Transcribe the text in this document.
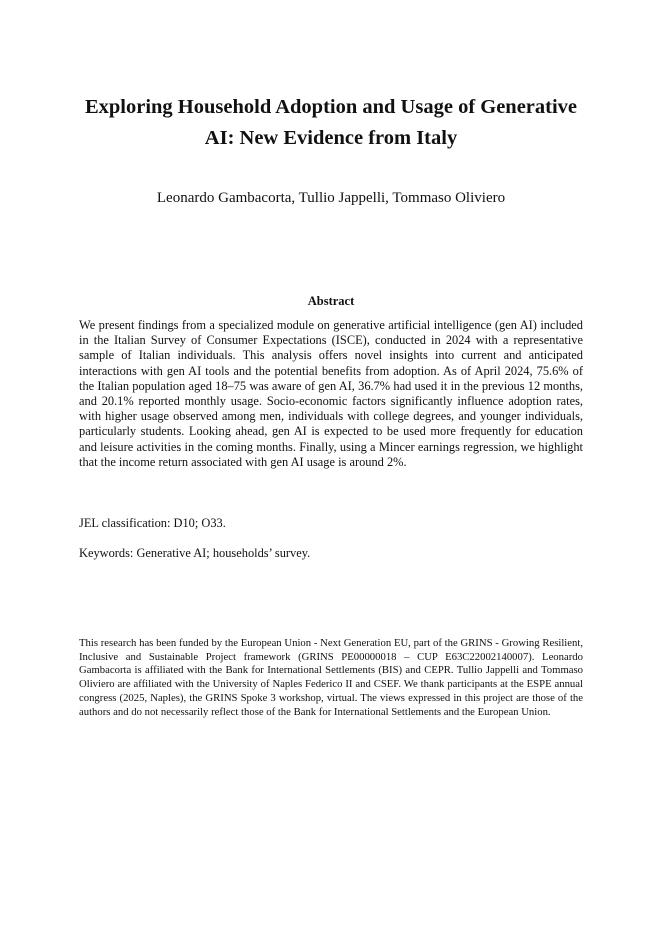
Exploring Household Adoption and Usage of Generative
AI: New Evidence from Italy
Leonardo Gambacorta, Tullio Jappelli, Tommaso Oliviero
Abstract

We present findings from a specialized module on generative artificial intelligence (gen AI) included in the Italian Survey of Consumer Expectations (ISCE), conducted in 2024 with a representative sample of Italian individuals. This analysis offers novel insights into current and anticipated interactions with gen AI tools and the potential benefits from adoption. As of April 2024, 75.6% of the Italian population aged 18–75 was aware of gen AI, 36.7% had used it in the previous 12 months, and 20.1% reported monthly usage. Socio-economic factors significantly influence adoption rates, with higher usage observed among men, individuals with college degrees, and younger individuals, particularly students. Looking ahead, gen AI is expected to be used more frequently for education and leisure activities in the coming months. Finally, using a Mincer earnings regression, we highlight that the income return associated with gen AI usage is around 2%.

JEL classification: D10; O33.
Keywords: Generative AI; households’ survey.

This research has been funded by the European Union - Next Generation EU, part of the GRINS - Growing Resilient, Inclusive and Sustainable Project framework (GRINS PE00000018 – CUP E63C22002140007). Leonardo Gambacorta is affiliated with the Bank for International Settlements (BIS) and CEPR. Tullio Jappelli and Tommaso Oliviero are affiliated with the University of Naples Federico II and CSEF. We thank participants at the ESPE annual congress (2025, Naples), the GRINS Spoke 3 workshop, virtual. The views expressed in this project are those of the authors and do not necessarily reflect those of the Bank for International Settlements and the European Union.
